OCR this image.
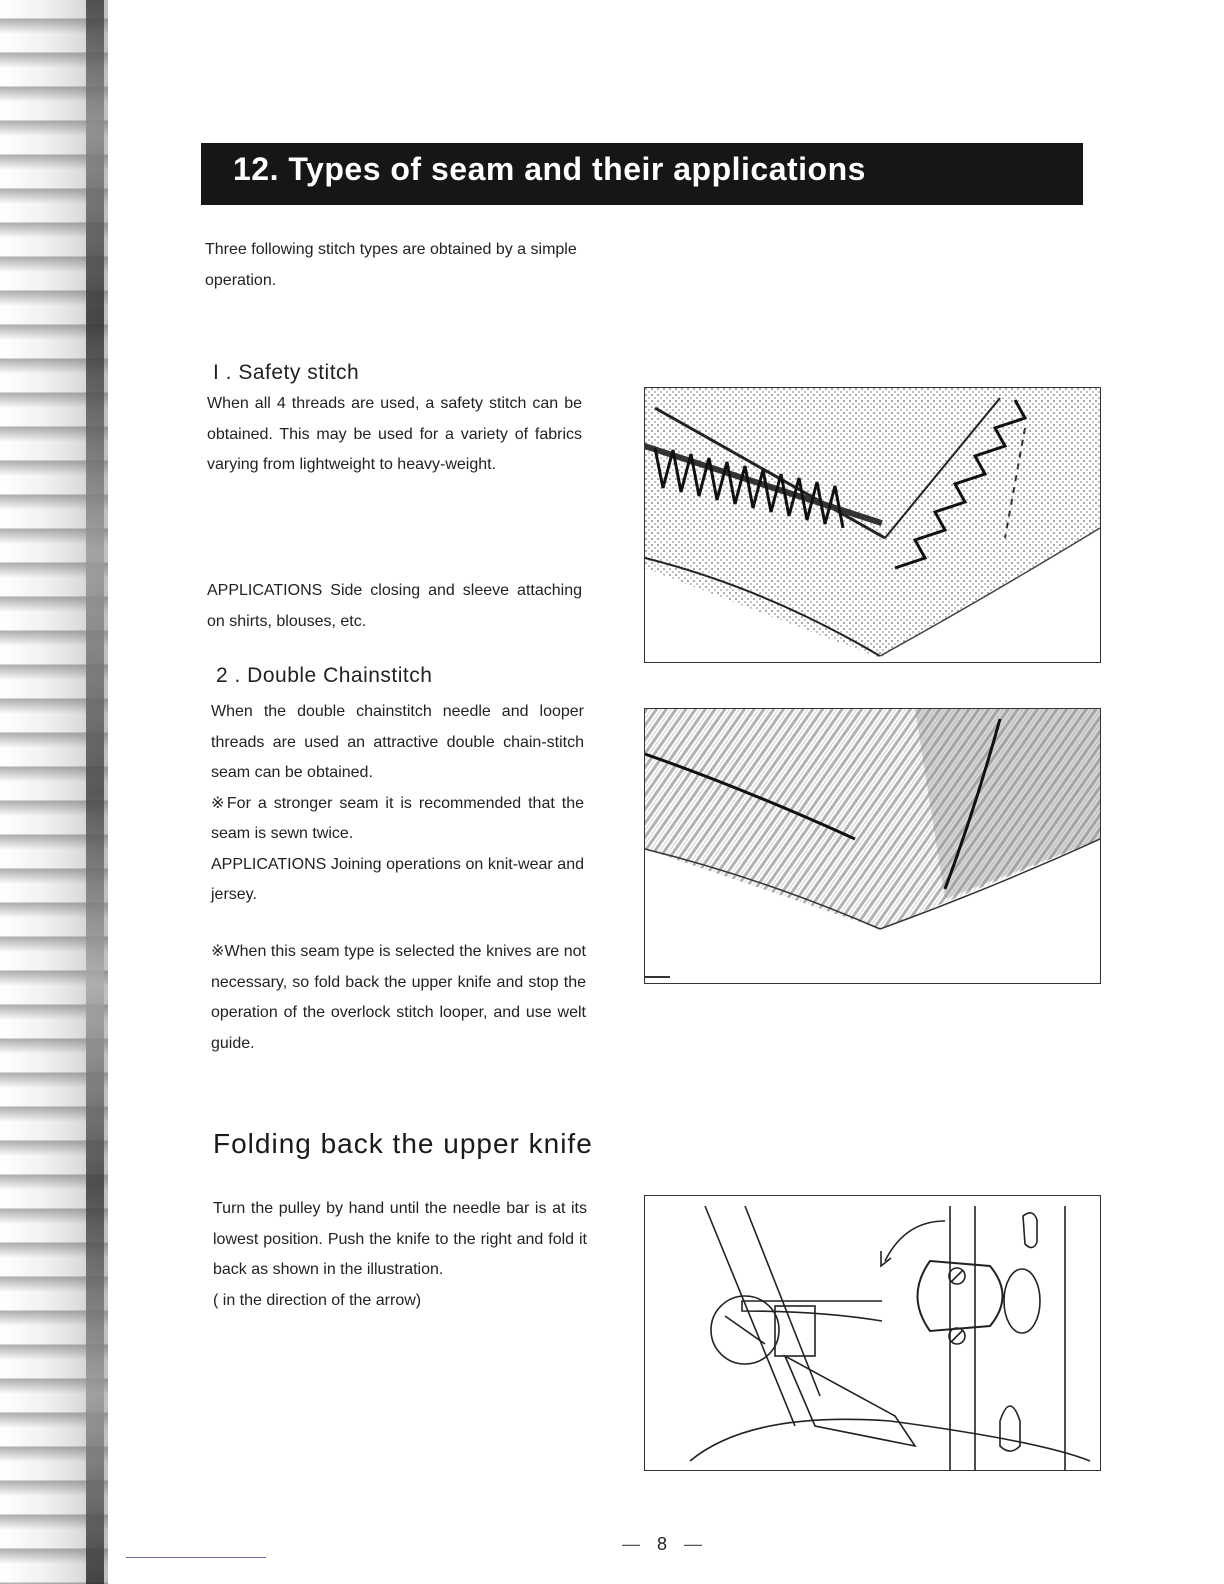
12. Types of seam and their applications

Three following stitch types are obtained by a simple operation.

I . Safety stitch

When all 4 threads are used, a safety stitch can be obtained. This may be used for a variety of fabrics varying from lightweight to heavy-weight.

APPLICATIONS Side closing and sleeve attaching on shirts, blouses, etc.

2 . Double Chainstitch

When the double chainstitch needle and looper threads are used an attractive double chain-stitch seam can be obtained.

※For a stronger seam it is recommended that the seam is sewn twice.

APPLICATIONS Joining operations on knit-wear and jersey.

※When this seam type is selected the knives are not necessary, so fold back the upper knife and stop the operation of the overlock stitch looper, and use welt guide.

Folding back the upper knife

Turn the pulley by hand until the needle bar is at its lowest position. Push the knife to the right and fold it back as shown in the illustration.

( in the direction of the arrow)

— 8 —
